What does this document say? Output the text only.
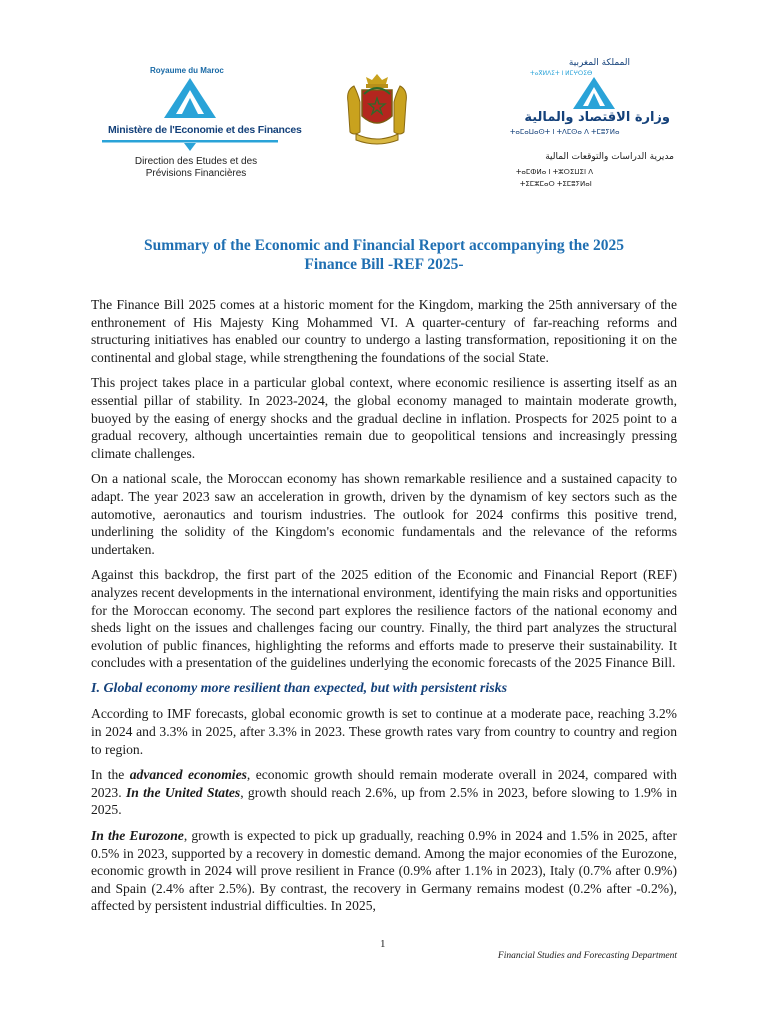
Royaume du Maroc
Ministère de l'Economie et des Finances
Direction des Etudes et des
Prévisions Financières
المملكة المغربية
ⵜⴰⴳⵍⴷⵉⵜ ⵏ ⵍⵎⵖⵔⵉⴱ
وزارة الاقتصاد والمالية
ⵜⴰⵎⴰⵡⴰⵙⵜ ⵏ ⵜⴷⵎⵙⴰ ⴷ ⵜⵎⵓⵢⵍⴰ
مديرية الدراسات والتوقعات المالية
ⵜⴰⵎⵀⵍⴰ ⵏ ⵜⵣⵔⵉⵡⵉⵏ ⴷ
ⵜⵉⵎⵣⵎⴰⵔ ⵜⵉⵎⵓⵢⵍⴰⵏ
Summary of the Economic and Financial Report accompanying the 2025
Finance Bill -REF 2025-

The Finance Bill 2025 comes at a historic moment for the Kingdom, marking the 25th anniversary of the enthronement of His Majesty King Mohammed VI. A quarter-century of far-reaching reforms and structuring initiatives has enabled our country to undergo a lasting transformation, repositioning it on the continental and global stage, while strengthening the foundations of the social State.

This project takes place in a particular global context, where economic resilience is asserting itself as an essential pillar of stability. In 2023-2024, the global economy managed to maintain moderate growth, buoyed by the easing of energy shocks and the gradual decline in inflation. Prospects for 2025 point to a gradual recovery, although uncertainties remain due to geopolitical tensions and increasingly pressing climate challenges.

On a national scale, the Moroccan economy has shown remarkable resilience and a sustained capacity to adapt. The year 2023 saw an acceleration in growth, driven by the dynamism of key sectors such as the automotive, aeronautics and tourism industries. The outlook for 2024 confirms this positive trend, underlining the solidity of the Kingdom's economic fundamentals and the relevance of the reforms undertaken.

Against this backdrop, the first part of the 2025 edition of the Economic and Financial Report (REF) analyzes recent developments in the international environment, identifying the main risks and opportunities for the Moroccan economy. The second part explores the resilience factors of the national economy and sheds light on the issues and challenges facing our country. Finally, the third part analyzes the structural evolution of public finances, highlighting the reforms and efforts made to preserve their sustainability. It concludes with a presentation of the guidelines underlying the economic forecasts of the 2025 Finance Bill.

I. Global economy more resilient than expected, but with persistent risks

According to IMF forecasts, global economic growth is set to continue at a moderate pace, reaching 3.2% in 2024 and 3.3% in 2025, after 3.3% in 2023. These growth rates vary from country to country and region to region.

In the advanced economies, economic growth should remain moderate overall in 2024, compared with 2023. In the United States, growth should reach 2.6%, up from 2.5% in 2023, before slowing to 1.9% in 2025.

In the Eurozone, growth is expected to pick up gradually, reaching 0.9% in 2024 and 1.5% in 2025, after 0.5% in 2023, supported by a recovery in domestic demand. Among the major economies of the Eurozone, economic growth in 2024 will prove resilient in France (0.9% after 1.1% in 2023), Italy (0.7% after 0.9%) and Spain (2.4% after 2.5%). By contrast, the recovery in Germany remains modest (0.2% after -0.2%), affected by persistent industrial difficulties. In 2025,

1
Financial Studies and Forecasting Department
